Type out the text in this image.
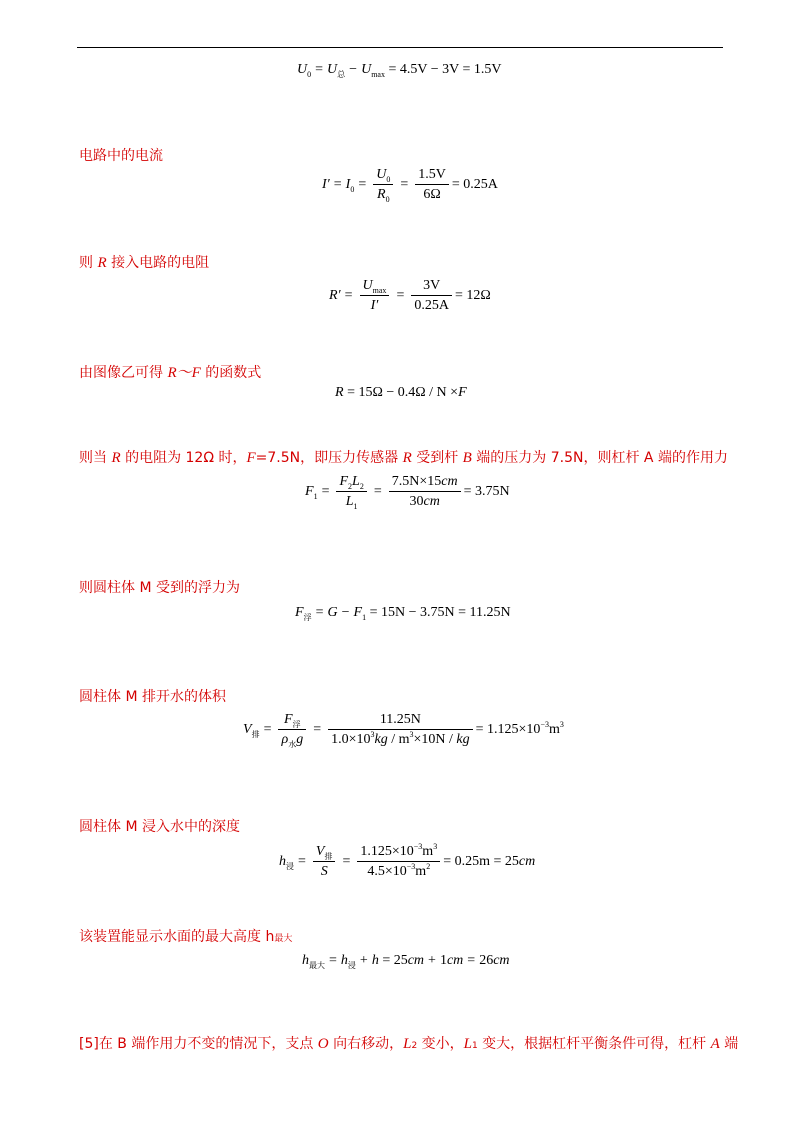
U 0 = U 总 − U max
= 4.5V − 3V = 1.5V
电路中的电流
I′ = I $0 = \frac{U_0}{R_0} = \frac{1.5V}{6\Omega} = 0.25A$
则 R 接入电路的电阻
R′ =
$U_{max}$
I′
= $\frac{3V}{0.25A} = 12\Omega$
由图像乙可得 R～F 的函数式
R
= 15Ω − 0.4Ω / N × F
则当 R 的电阻为 12Ω 时，F=7.5N，即压力传感器 R 受到杆 B 端的压力为 7.5N，则杠杆 A 端的作用力
F $1 = \frac{F_2L_2}{L_1} = \frac{7.5N\times 15cm}{30cm} = 3.75N$
则圆柱体 M 受到的浮力为
F 浮 = G − F 1
= 15N − 3.75N = 11.25N
圆柱体 M 排开水的体积
V 排 =
$F_浮$
$\rho_水g$
= $\frac{11.25N}{1.0\times 10^3kg / m^3\times 10N / kg} = 1.125\times 10 -3$ m 3
圆柱体 M 浸入水中的深度
h 浸 =
$V_排$
S
= $\frac{1.125\times 10^{-3}m^3}{4.5\times 10^{-3}m^2} = 0.25m = 25$ cm
该装置能显示水面的最大高度 h最大
h 最大 = h 浸 + h
= 25 cm + 1 cm = 26 cm
[5]在 B 端作用力不变的情况下，支点 O 向右移动，L2 变小，L1 变大，根据杠杆平衡条件可得，杠杆 A 端
